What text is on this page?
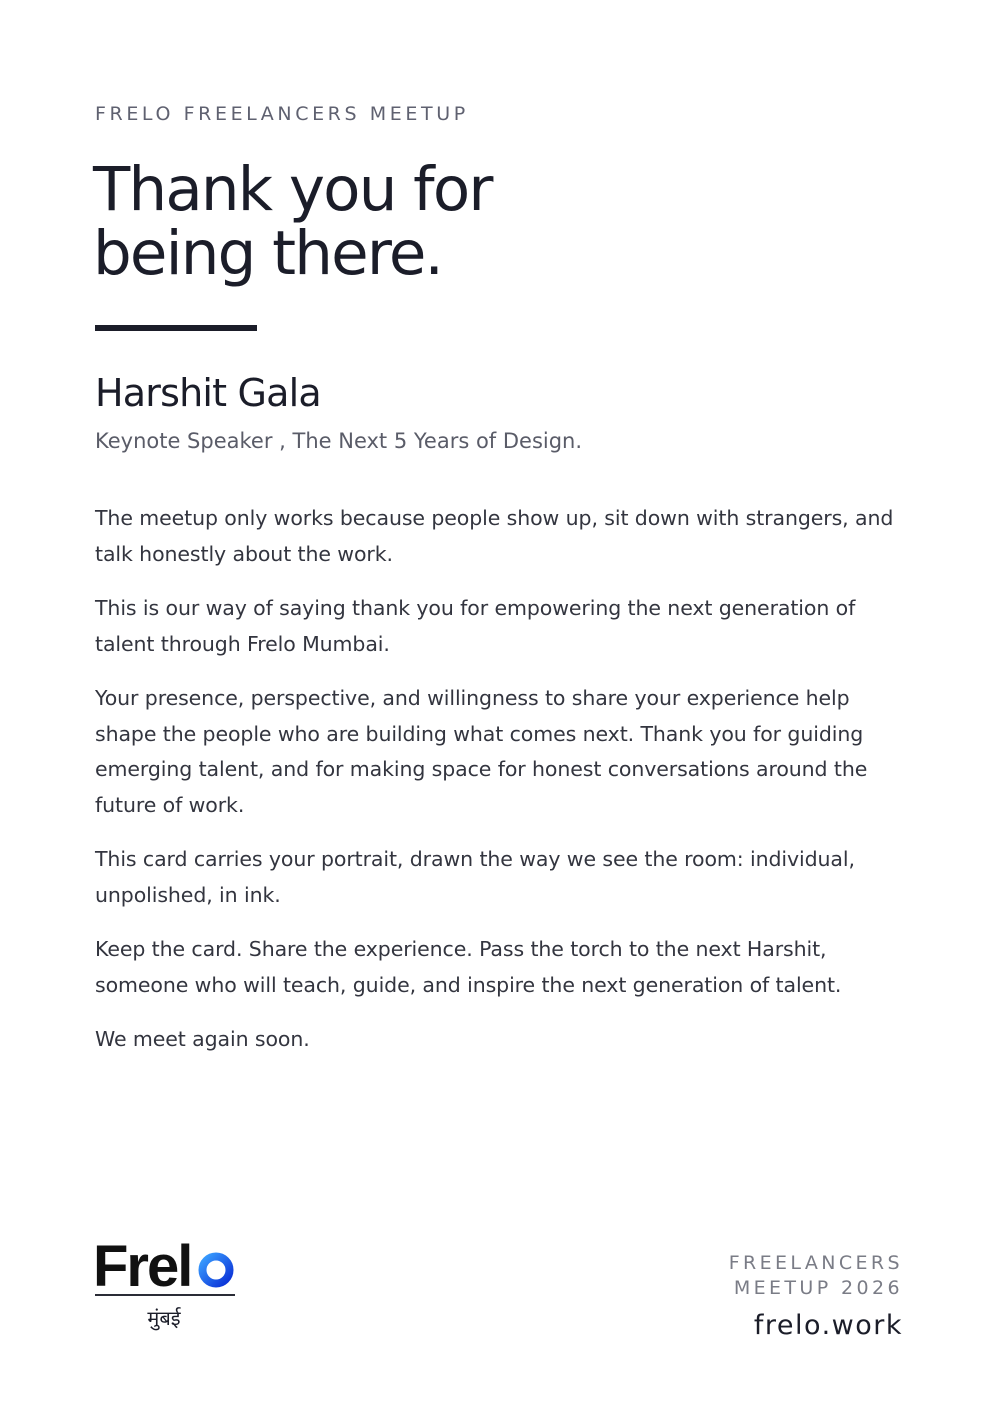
FRELO FREELANCERS MEETUP
Thank you for
being there.
Harshit Gala
Keynote Speaker , The Next 5 Years of Design.

The meetup only works because people show up, sit down with strangers, and talk honestly about the work.

This is our way of saying thank you for empowering the next generation of talent through Frelo Mumbai.

Your presence, perspective, and willingness to share your experience help shape the people who are building what comes next. Thank you for guiding emerging talent, and for making space for honest conversations around the future of work.

This card carries your portrait, drawn the way we see the room: individual, unpolished, in ink.

Keep the card. Share the experience. Pass the torch to the next Harshit, someone who will teach, guide, and inspire the next generation of talent.

We meet again soon.

Frel
मुंबई
FREELANCERS
MEETUP 2026
frelo.work
